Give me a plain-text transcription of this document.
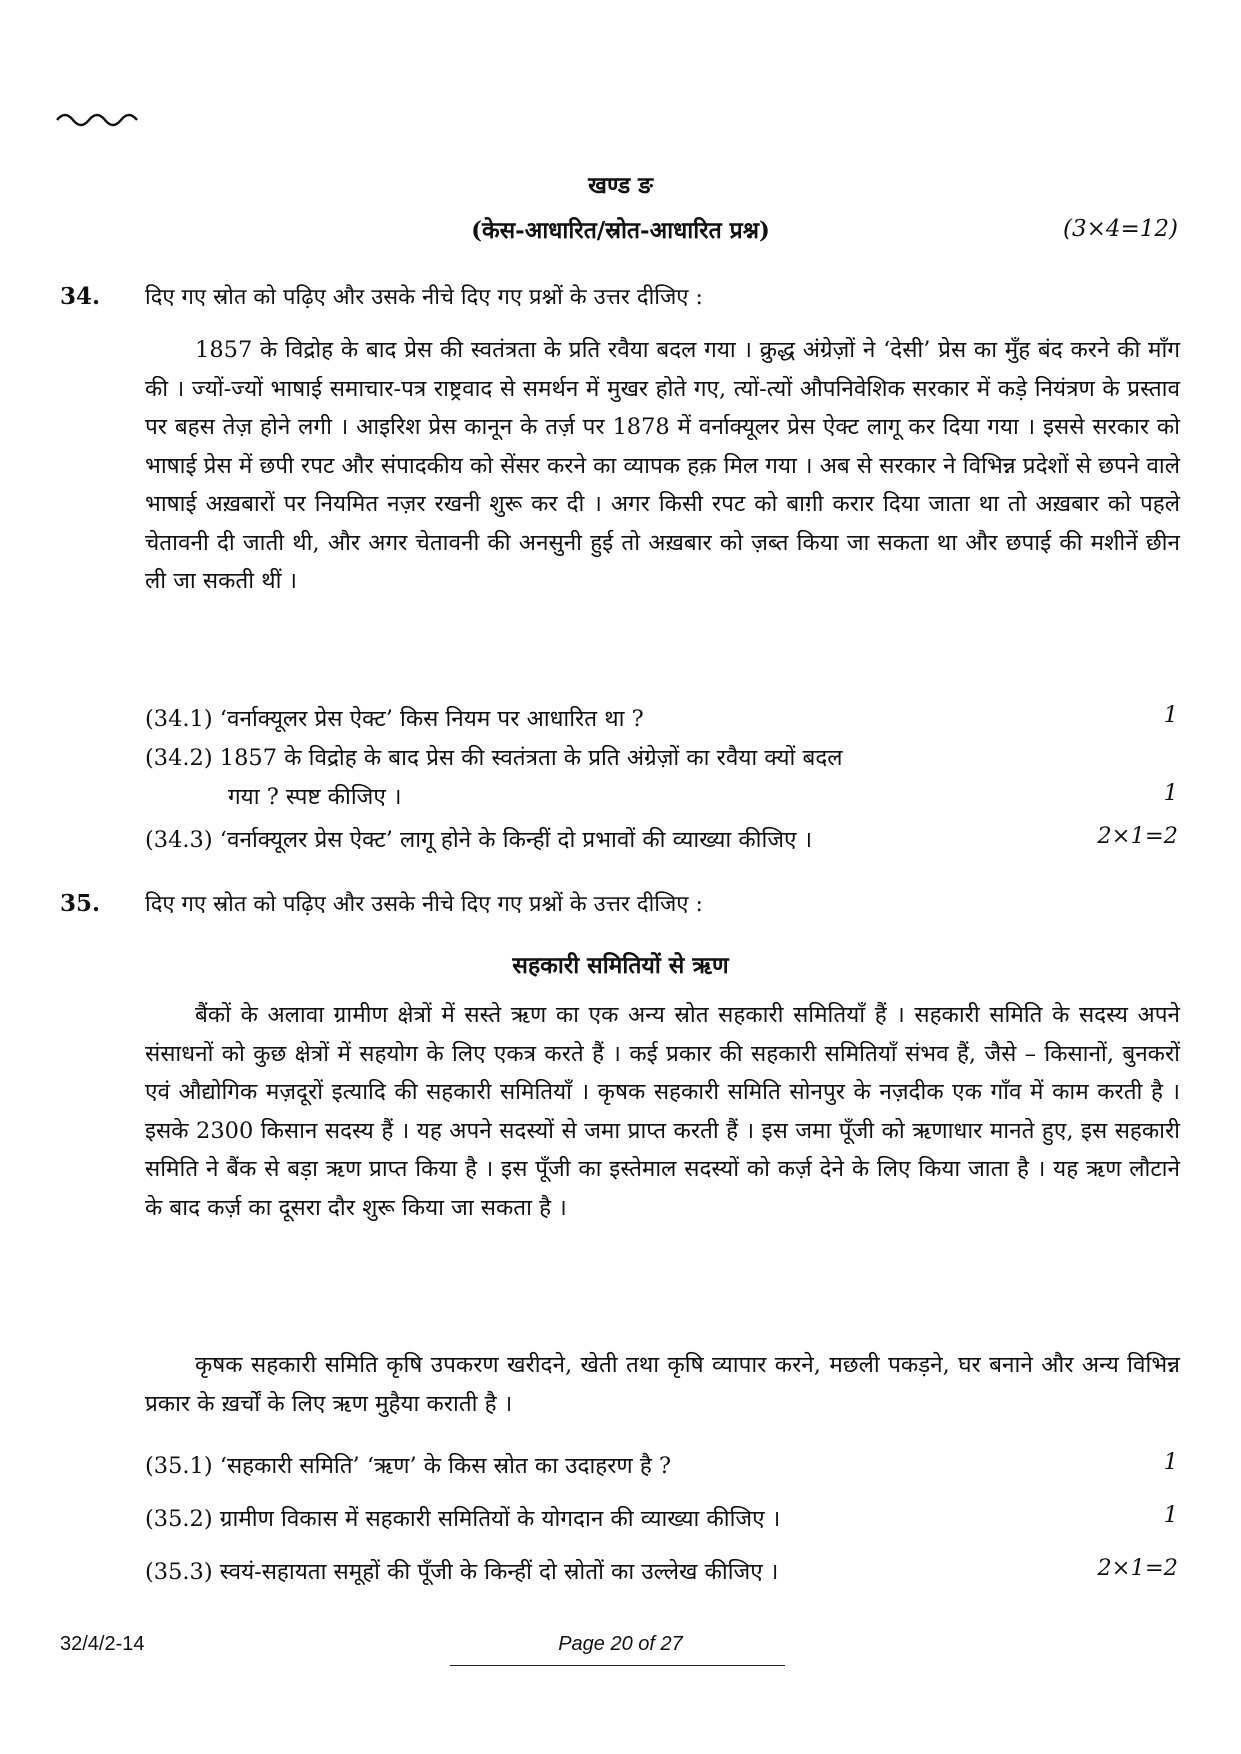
खण्ड ङ
(केस-आधारित/स्रोत-आधारित प्रश्न)	(3×4=12)
34. दिए गए स्रोत को पढ़िए और उसके नीचे दिए गए प्रश्नों के उत्तर दीजिए :
1857 के विद्रोह के बाद प्रेस की स्वतंत्रता के प्रति रवैया बदल गया । क्रुद्ध अंग्रेज़ों ने ‘देसी’ प्रेस का मुँह बंद करने की माँग की । ज्यों-ज्यों भाषाई समाचार-पत्र राष्ट्रवाद से समर्थन में मुखर होते गए, त्यों-त्यों औपनिवेशिक सरकार में कड़े नियंत्रण के प्रस्ताव पर बहस तेज़ होने लगी । आइरिश प्रेस कानून के तर्ज़ पर 1878 में वर्नाक्यूलर प्रेस ऐक्ट लागू कर दिया गया । इससे सरकार को भाषाई प्रेस में छपी रपट और संपादकीय को सेंसर करने का व्यापक हक़ मिल गया । अब से सरकार ने विभिन्न प्रदेशों से छपने वाले भाषाई अख़बारों पर नियमित नज़र रखनी शुरू कर दी । अगर किसी रपट को बाग़ी करार दिया जाता था तो अख़बार को पहले चेतावनी दी जाती थी, और अगर चेतावनी की अनसुनी हुई तो अख़बार को ज़ब्त किया जा सकता था और छपाई की मशीनें छीन ली जा सकती थीं ।
(34.1) ‘वर्नाक्यूलर प्रेस ऐक्ट’ किस नियम पर आधारित था ?	1
(34.2) 1857 के विद्रोह के बाद प्रेस की स्वतंत्रता के प्रति अंग्रेज़ों का रवैया क्यों बदल
गया ? स्पष्ट कीजिए ।	1
(34.3) ‘वर्नाक्यूलर प्रेस ऐक्ट’ लागू होने के किन्हीं दो प्रभावों की व्याख्या कीजिए ।	2×1=2
35. दिए गए स्रोत को पढ़िए और उसके नीचे दिए गए प्रश्नों के उत्तर दीजिए :
सहकारी समितियों से ऋण
बैंकों के अलावा ग्रामीण क्षेत्रों में सस्ते ऋण का एक अन्य स्रोत सहकारी समितियाँ हैं । सहकारी समिति के सदस्य अपने संसाधनों को कुछ क्षेत्रों में सहयोग के लिए एकत्र करते हैं । कई प्रकार की सहकारी समितियाँ संभव हैं, जैसे – किसानों, बुनकरों एवं औद्योगिक मज़दूरों इत्यादि की सहकारी समितियाँ । कृषक सहकारी समिति सोनपुर के नज़दीक एक गाँव में काम करती है । इसके 2300 किसान सदस्य हैं । यह अपने सदस्यों से जमा प्राप्त करती हैं । इस जमा पूँजी को ऋणाधार मानते हुए, इस सहकारी समिति ने बैंक से बड़ा ऋण प्राप्त किया है । इस पूँजी का इस्तेमाल सदस्यों को कर्ज़ देने के लिए किया जाता है । यह ऋण लौटाने के बाद कर्ज़ का दूसरा दौर शुरू किया जा सकता है ।
कृषक सहकारी समिति कृषि उपकरण खरीदने, खेती तथा कृषि व्यापार करने, मछली पकड़ने, घर बनाने और अन्य विभिन्न प्रकार के ख़र्चों के लिए ऋण मुहैया कराती है ।
(35.1) ‘सहकारी समिति’ ‘ऋण’ के किस स्रोत का उदाहरण है ?	1
(35.2) ग्रामीण विकास में सहकारी समितियों के योगदान की व्याख्या कीजिए ।	1
(35.3) स्वयं-सहायता समूहों की पूँजी के किन्हीं दो स्रोतों का उल्लेख कीजिए ।	2×1=2
32/4/2-14	Page 20 of 27
